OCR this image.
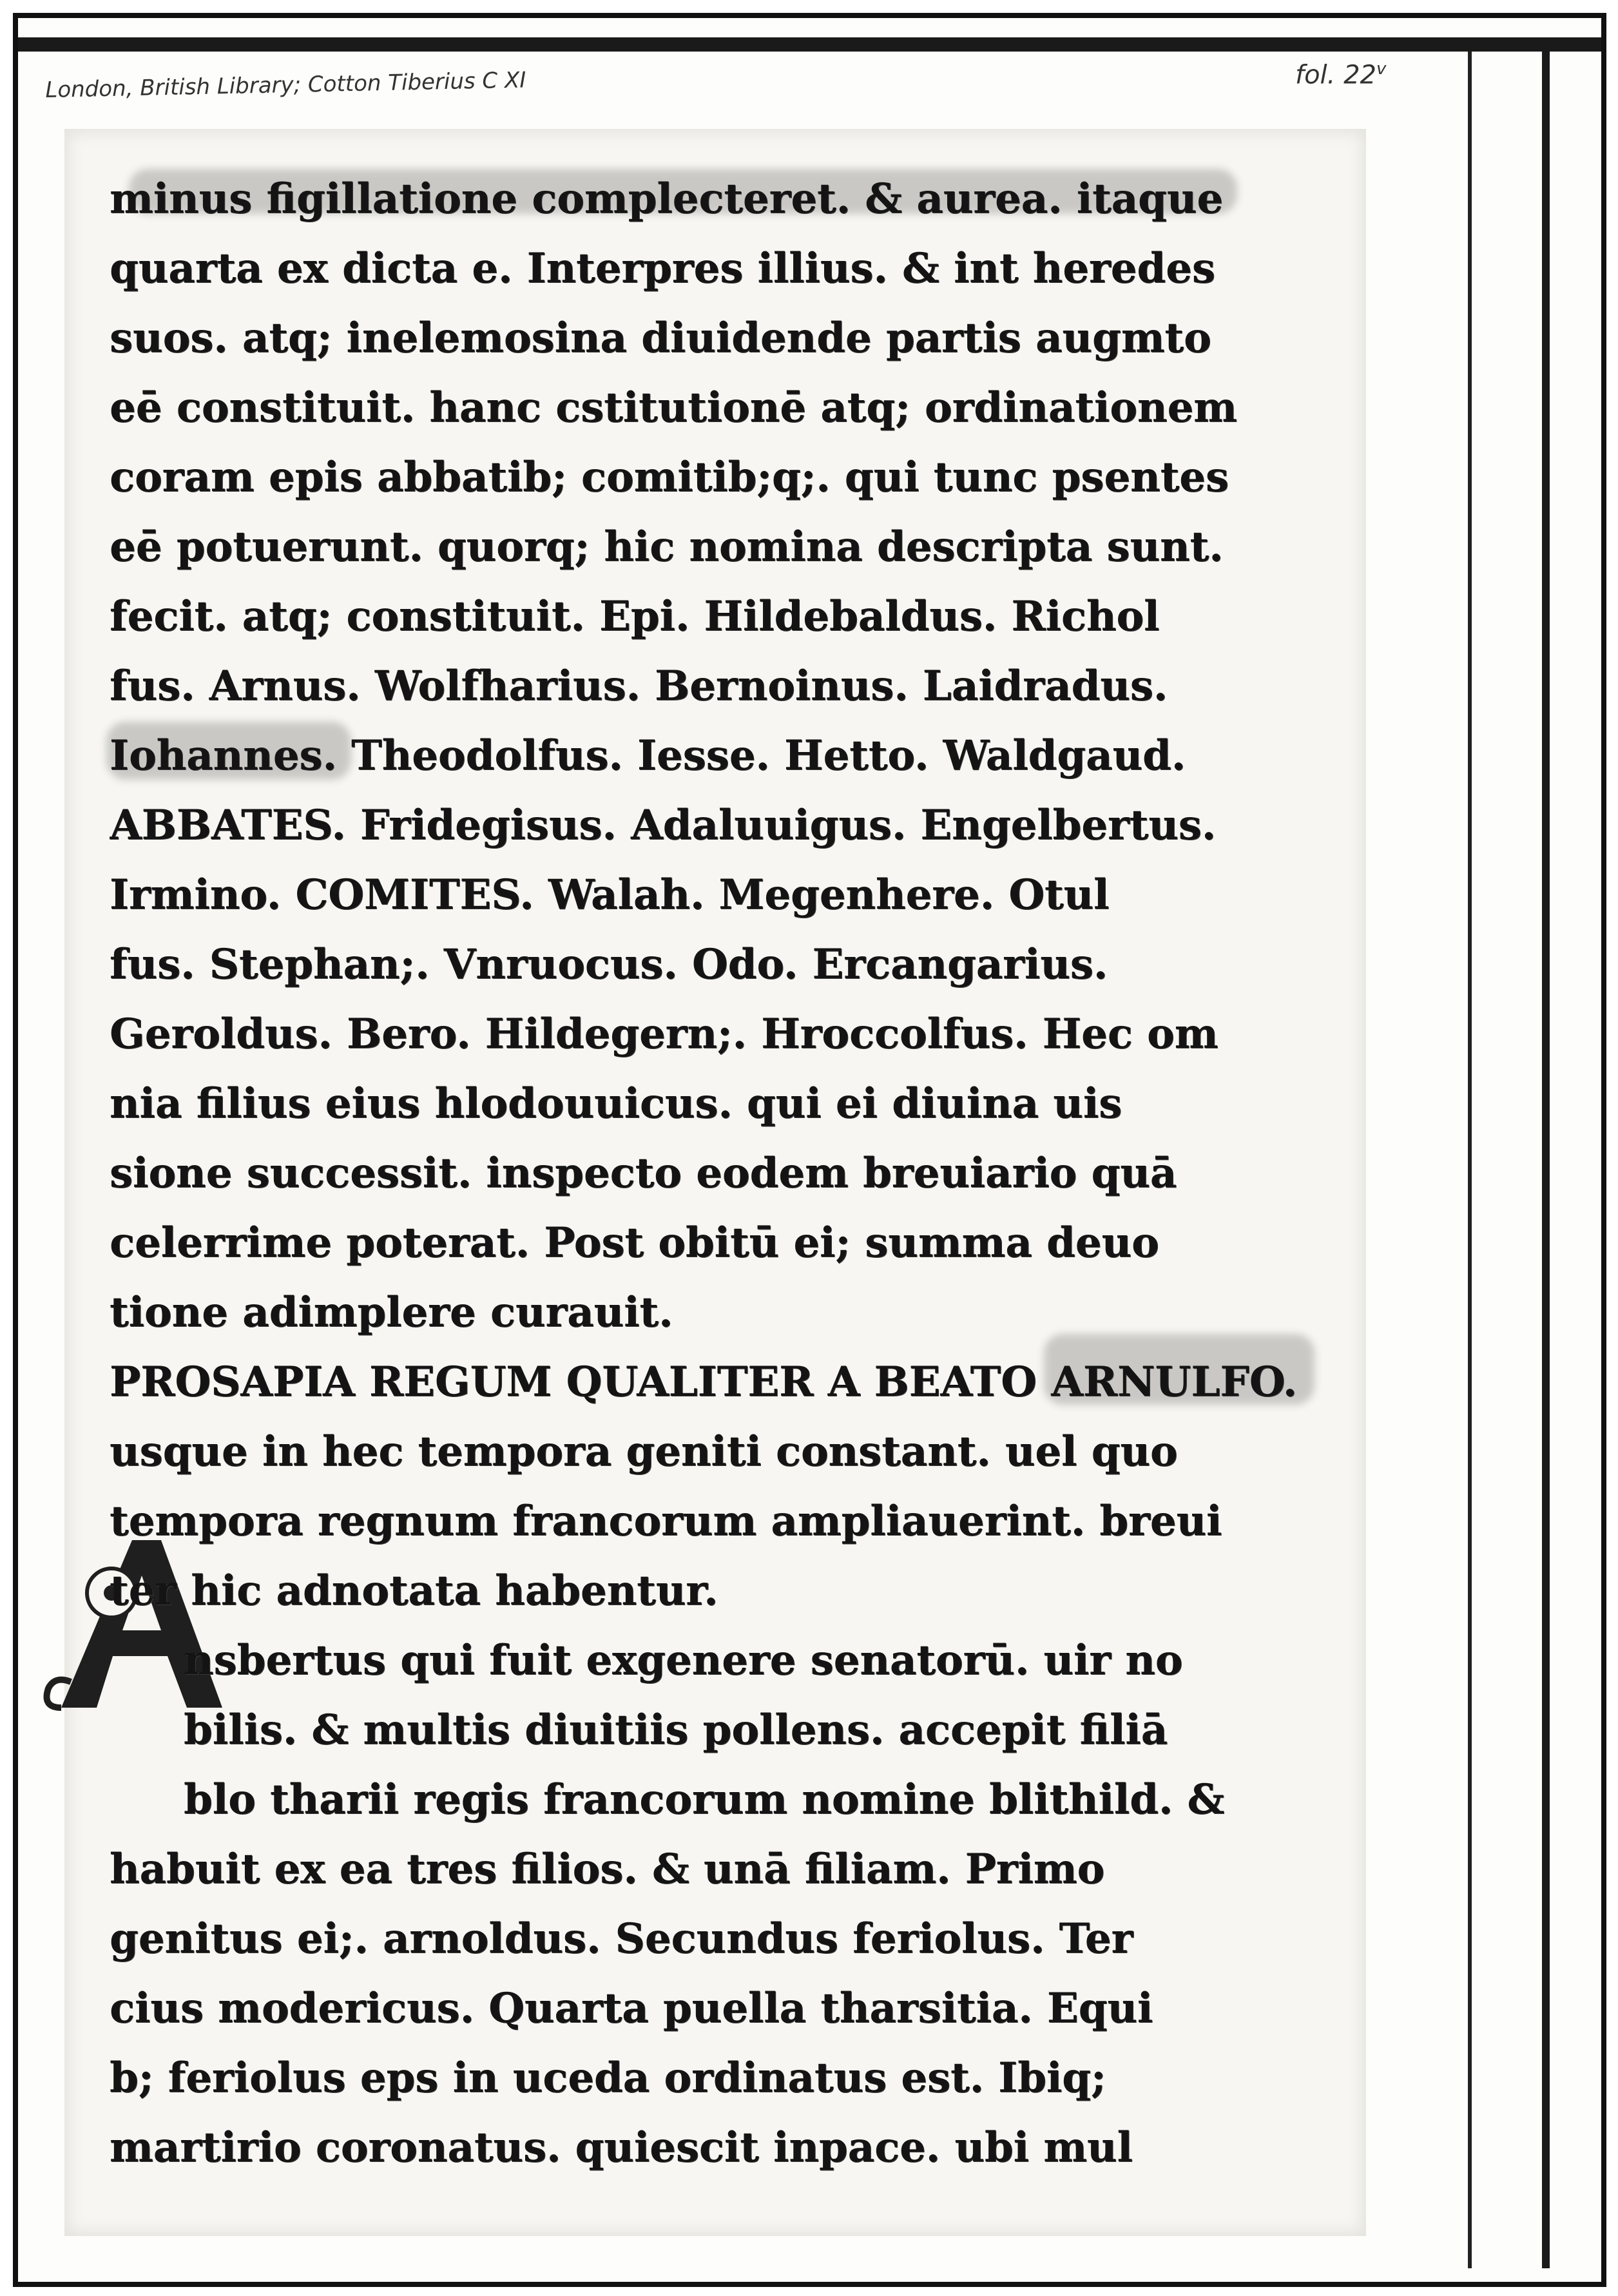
London, British Library; Cotton Tiberius C XI	fol. 22$^v$
minus figillatione complecteret. & aurea. itaque
quarta ex dicta e. Interpres illius. & int heredes
suos. atq; inelemosina diuidende partis augmto
eē constituit. hanc cstitutionē atq; ordinationem
coram epis abbatib; comitib;q;. qui tunc psentes
eē potuerunt. quorq; hic nomina descripta sunt.
fecit. atq; constituit. Epi. Hildebaldus. Richol
fus. Arnus. Wolfharius. Bernoinus. Laidradus.
Iohannes. Theodolfus. Iesse. Hetto. Waldgaud.
ABBATES. Fridegisus. Adaluuigus. Engelbertus.
Irmino. COMITES. Walah. Megenhere. Otul
fus. Stephan;. Vnruocus. Odo. Ercangarius.
Geroldus. Bero. Hildegern;. Hroccolfus. Hec om
nia filius eius hlodouuicus. qui ei diuina uis
sione successit. inspecto eodem breuiario quā
celerrime poterat. Post obitū ei; summa deuo
tione adimplere curauit.
PROSAPIA REGUM QUALITER A BEATO ARNULFO.
usque in hec tempora geniti constant. uel quo
tempora regnum francorum ampliauerint. breui
ter hic adnotata habentur.
nsbertus qui fuit exgenere senatorū. uir no
bilis. & multis diuitiis pollens. accepit filiā
blo tharii regis francorum nomine blithild. &
habuit ex ea tres filios. & unā filiam. Primo
genitus ei;. arnoldus. Secundus feriolus. Ter
cius modericus. Quarta puella tharsitia. Equi
b; feriolus eps in uceda ordinatus est. Ibiq;
martirio coronatus. quiescit inpace. ubi mul
